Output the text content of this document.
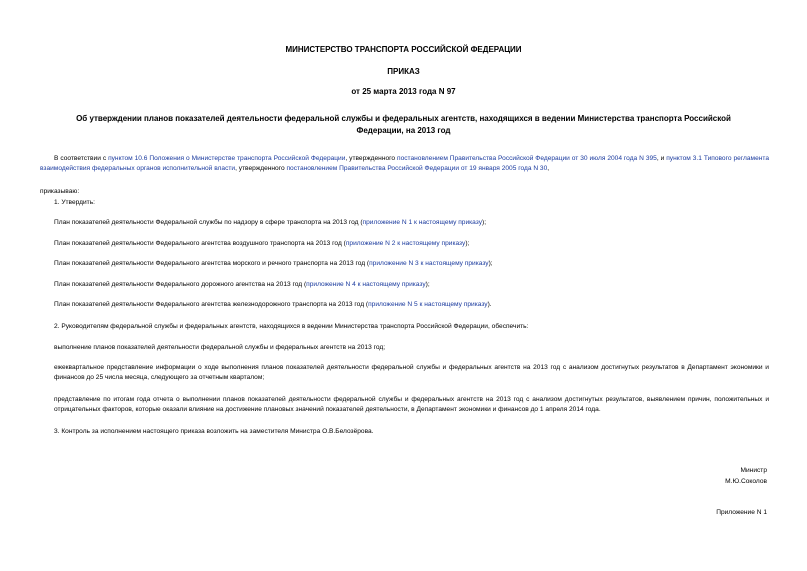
МИНИСТЕРСТВО ТРАНСПОРТА РОССИЙСКОЙ ФЕДЕРАЦИИ
ПРИКАЗ
от 25 марта 2013 года N 97
Об утверждении планов показателей деятельности федеральной службы и федеральных агентств, находящихся в ведении Министерства транспорта Российской Федерации, на 2013 год
В соответствии с пунктом 10.6 Положения о Министерстве транспорта Российской Федерации, утвержденного постановлением Правительства Российской Федерации от 30 июля 2004 года N 395, и пунктом 3.1 Типового регламента взаимодействия федеральных органов исполнительной власти, утвержденного постановлением Правительства Российской Федерации от 19 января 2005 года N 30,
приказываю:
1. Утвердить:
План показателей деятельности Федеральной службы по надзору в сфере транспорта на 2013 год (приложение N 1 к настоящему приказу);
План показателей деятельности Федерального агентства воздушного транспорта на 2013 год (приложение N 2 к настоящему приказу);
План показателей деятельности Федерального агентства морского и речного транспорта на 2013 год (приложение N 3 к настоящему приказу);
План показателей деятельности Федерального дорожного агентства на 2013 год (приложение N 4 к настоящему приказу);
План показателей деятельности Федерального агентства железнодорожного транспорта на 2013 год (приложение N 5 к настоящему приказу).
2. Руководителям федеральной службы и федеральных агентств, находящихся в ведении Министерства транспорта Российской Федерации, обеспечить:
выполнение планов показателей деятельности федеральной службы и федеральных агентств на 2013 год;
ежеквартальное представление информации о ходе выполнения планов показателей деятельности федеральной службы и федеральных агентств на 2013 год с анализом достигнутых результатов в Департамент экономики и финансов до 25 числа месяца, следующего за отчетным кварталом;
представление по итогам года отчета о выполнении планов показателей деятельности федеральной службы и федеральных агентств на 2013 год с анализом достигнутых результатов, выявлением причин, положительных и отрицательных факторов, которые оказали влияние на достижение плановых значений показателей деятельности, в Департамент экономики и финансов до 1 апреля 2014 года.
3. Контроль за исполнением настоящего приказа возложить на заместителя Министра О.В.Белозёрова.
Министр
М.Ю.Соколов
Приложение N 1
